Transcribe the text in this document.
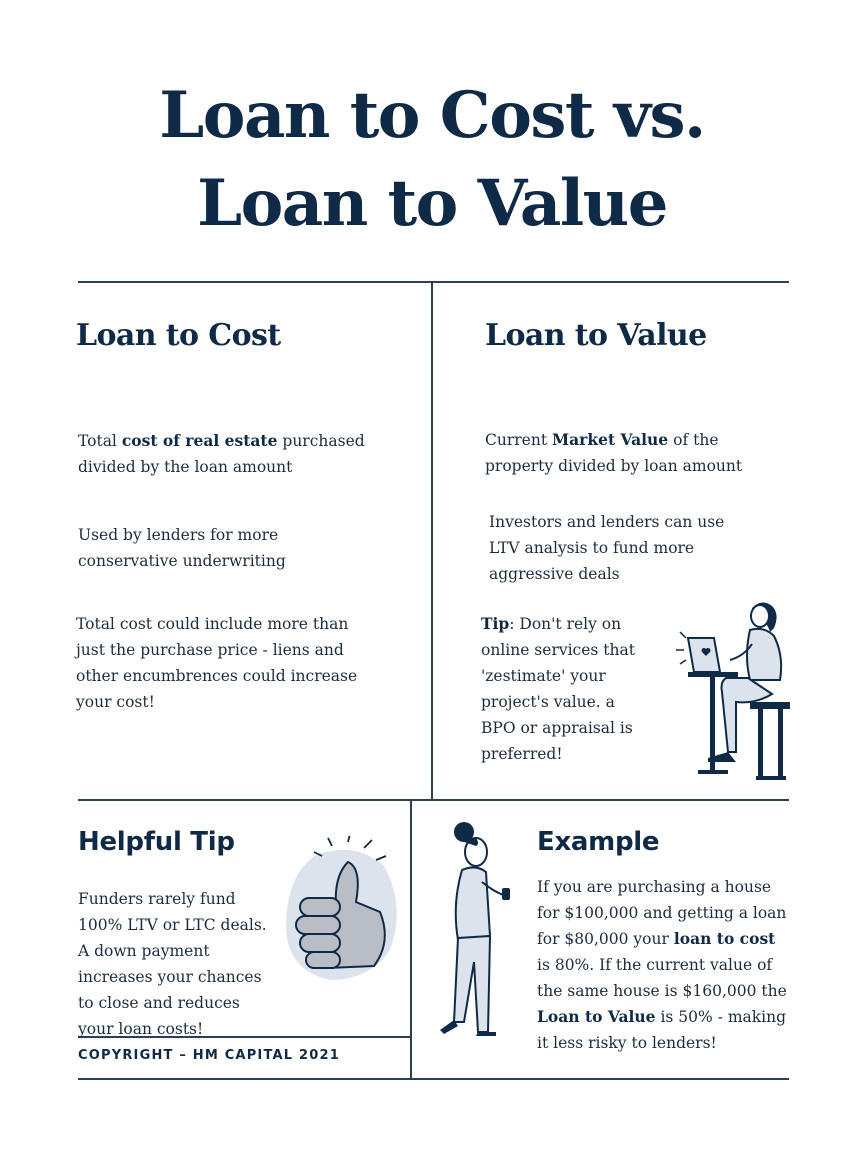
Loan to Cost vs.
Loan to Value
Loan to Cost

Total cost of real estate purchased divided by the loan amount

Used by lenders for more conservative underwriting

Total cost could include more than just the purchase price - liens and other encumbrences could increase your cost!

Loan to Value

Current Market Value of the property divided by loan amount

Investors and lenders can use LTV analysis to fund more aggressive deals

Tip: Don't rely on online services that 'zestimate' your project's value. a BPO or appraisal is preferred!

Helpful Tip

Funders rarely fund 100% LTV or LTC deals. A down payment increases your chances to close and reduces your loan costs!

COPYRIGHT – HM CAPITAL 2021
Example

If you are purchasing a house for $100,000 and getting a loan for $80,000 your loan to cost is 80%. If the current value of the same house is $160,000 the Loan to Value is 50% - making it less risky to lenders!
